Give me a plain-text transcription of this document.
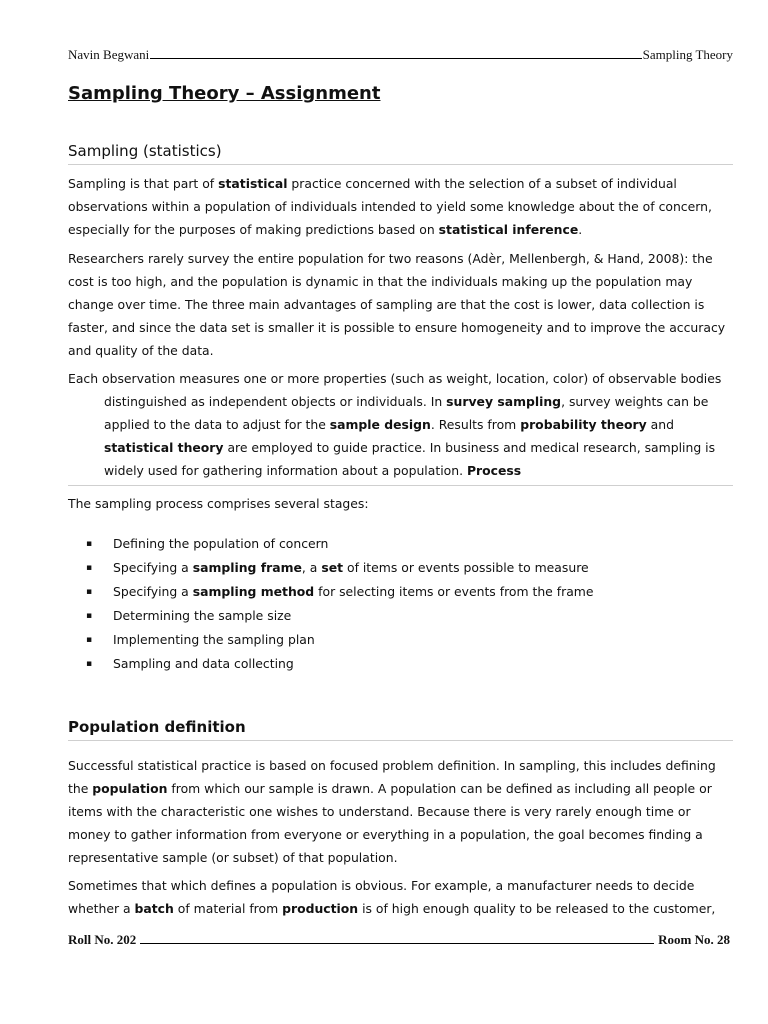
Navin Begwani	Sampling Theory
Sampling Theory – Assignment
Sampling (statistics)

Sampling is that part of statistical practice concerned with the selection of a subset of individual observations within a population of individuals intended to yield some knowledge about the of concern, especially for the purposes of making predictions based on statistical inference.

Researchers rarely survey the entire population for two reasons (Adèr, Mellenbergh, & Hand, 2008): the cost is too high, and the population is dynamic in that the individuals making up the population may change over time. The three main advantages of sampling are that the cost is lower, data collection is faster, and since the data set is smaller it is possible to ensure homogeneity and to improve the accuracy and quality of the data.

Each observation measures one or more properties (such as weight, location, color) of observable bodies distinguished as independent objects or individuals. In survey sampling, survey weights can be applied to the data to adjust for the sample design. Results from probability theory and statistical theory are employed to guide practice. In business and medical research, sampling is widely used for gathering information about a population. Process

The sampling process comprises several stages:

▪ Defining the population of concern
▪ Specifying a sampling frame, a set of items or events possible to measure
▪ Specifying a sampling method for selecting items or events from the frame
▪ Determining the sample size
▪ Implementing the sampling plan
▪ Sampling and data collecting
Population definition

Successful statistical practice is based on focused problem definition. In sampling, this includes defining the population from which our sample is drawn. A population can be defined as including all people or items with the characteristic one wishes to understand. Because there is very rarely enough time or money to gather information from everyone or everything in a population, the goal becomes finding a representative sample (or subset) of that population.

Sometimes that which defines a population is obvious. For example, a manufacturer needs to decide whether a batch of material from production is of high enough quality to be released to the customer,

Roll No. 202	Room No. 28
